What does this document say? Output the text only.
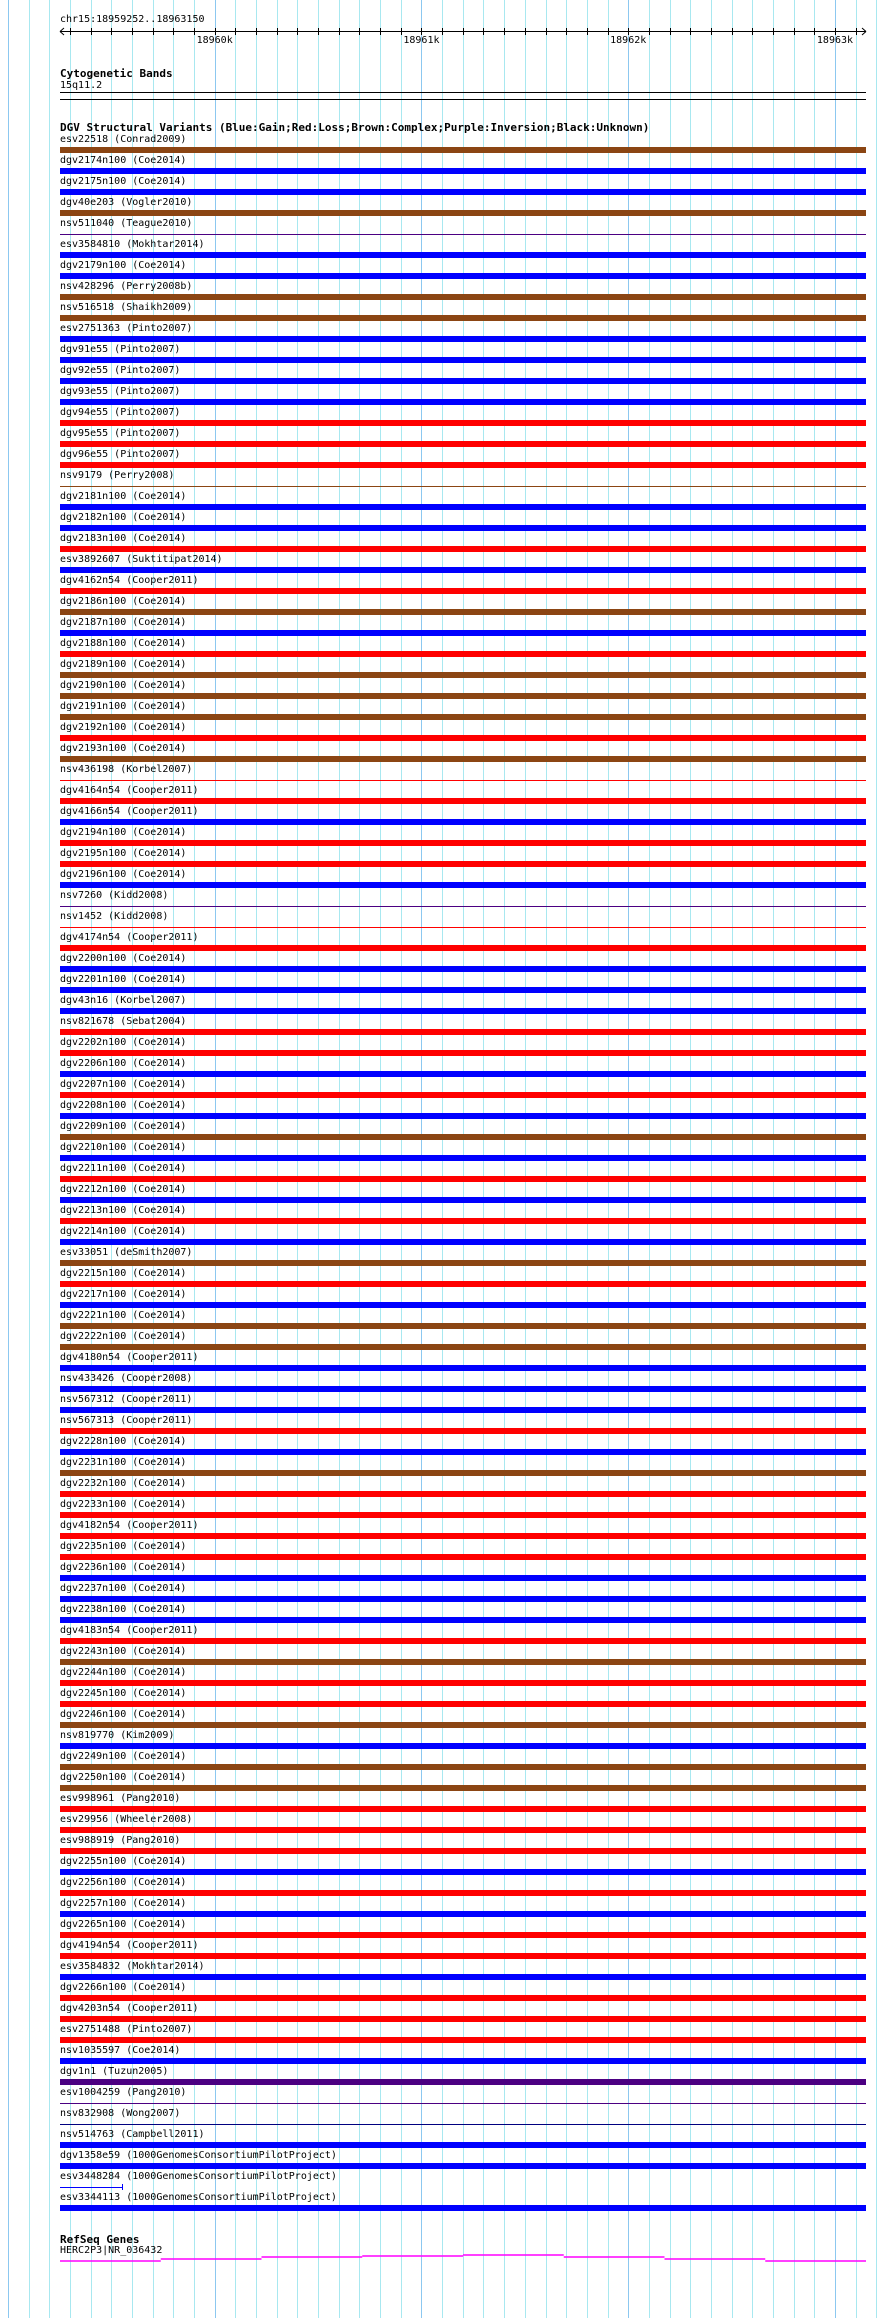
chr15:18959252..18963150
18960k	18961k	18962k	18963k
Cytogenetic Bands
15q11.2
DGV Structural Variants (Blue:Gain;Red:Loss;Brown:Complex;Purple:Inversion;Black:Unknown)
esv22518 (Conrad2009)
dgv2174n100 (Coe2014)
dgv2175n100 (Coe2014)
dgv40e203 (Vogler2010)
nsv511040 (Teague2010)
esv3584810 (Mokhtar2014)
dgv2179n100 (Coe2014)
nsv428296 (Perry2008b)
nsv516518 (Shaikh2009)
esv2751363 (Pinto2007)
dgv91e55 (Pinto2007)
dgv92e55 (Pinto2007)
dgv93e55 (Pinto2007)
dgv94e55 (Pinto2007)
dgv95e55 (Pinto2007)
dgv96e55 (Pinto2007)
nsv9179 (Perry2008)
dgv2181n100 (Coe2014)
dgv2182n100 (Coe2014)
dgv2183n100 (Coe2014)
esv3892607 (Suktitipat2014)
dgv4162n54 (Cooper2011)
dgv2186n100 (Coe2014)
dgv2187n100 (Coe2014)
dgv2188n100 (Coe2014)
dgv2189n100 (Coe2014)
dgv2190n100 (Coe2014)
dgv2191n100 (Coe2014)
dgv2192n100 (Coe2014)
dgv2193n100 (Coe2014)
nsv436198 (Korbel2007)
dgv4164n54 (Cooper2011)
dgv4166n54 (Cooper2011)
dgv2194n100 (Coe2014)
dgv2195n100 (Coe2014)
dgv2196n100 (Coe2014)
nsv7260 (Kidd2008)
nsv1452 (Kidd2008)
dgv4174n54 (Cooper2011)
dgv2200n100 (Coe2014)
dgv2201n100 (Coe2014)
dgv43n16 (Korbel2007)
nsv821678 (Sebat2004)
dgv2202n100 (Coe2014)
dgv2206n100 (Coe2014)
dgv2207n100 (Coe2014)
dgv2208n100 (Coe2014)
dgv2209n100 (Coe2014)
dgv2210n100 (Coe2014)
dgv2211n100 (Coe2014)
dgv2212n100 (Coe2014)
dgv2213n100 (Coe2014)
dgv2214n100 (Coe2014)
esv33051 (deSmith2007)
dgv2215n100 (Coe2014)
dgv2217n100 (Coe2014)
dgv2221n100 (Coe2014)
dgv2222n100 (Coe2014)
dgv4180n54 (Cooper2011)
nsv433426 (Cooper2008)
nsv567312 (Cooper2011)
nsv567313 (Cooper2011)
dgv2228n100 (Coe2014)
dgv2231n100 (Coe2014)
dgv2232n100 (Coe2014)
dgv2233n100 (Coe2014)
dgv4182n54 (Cooper2011)
dgv2235n100 (Coe2014)
dgv2236n100 (Coe2014)
dgv2237n100 (Coe2014)
dgv2238n100 (Coe2014)
dgv4183n54 (Cooper2011)
dgv2243n100 (Coe2014)
dgv2244n100 (Coe2014)
dgv2245n100 (Coe2014)
dgv2246n100 (Coe2014)
nsv819770 (Kim2009)
dgv2249n100 (Coe2014)
dgv2250n100 (Coe2014)
esv998961 (Pang2010)
esv29956 (Wheeler2008)
esv988919 (Pang2010)
dgv2255n100 (Coe2014)
dgv2256n100 (Coe2014)
dgv2257n100 (Coe2014)
dgv2265n100 (Coe2014)
dgv4194n54 (Cooper2011)
esv3584832 (Mokhtar2014)
dgv2266n100 (Coe2014)
dgv4203n54 (Cooper2011)
esv2751488 (Pinto2007)
nsv1035597 (Coe2014)
dgv1n1 (Tuzun2005)
esv1004259 (Pang2010)
nsv832908 (Wong2007)
nsv514763 (Campbell2011)
dgv1358e59 (1000GenomesConsortiumPilotProject)
esv3448284 (1000GenomesConsortiumPilotProject)
esv3344113 (1000GenomesConsortiumPilotProject)
RefSeq Genes
HERC2P3|NR_036432
